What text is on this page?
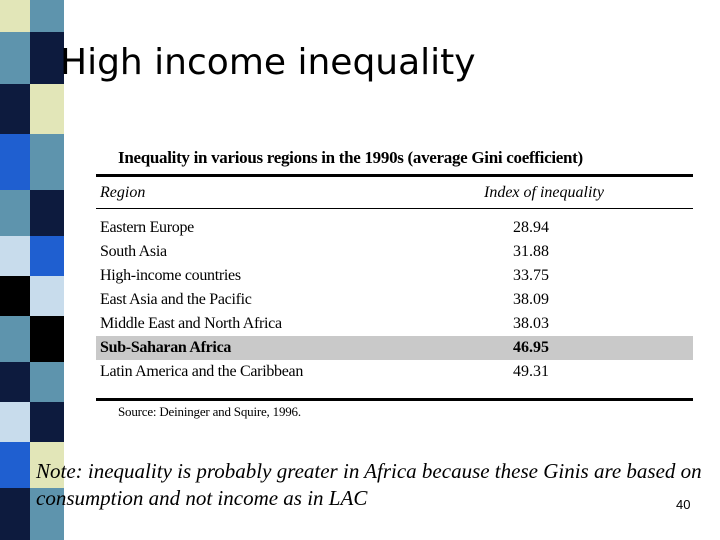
High income inequality
Inequality in various regions in the 1990s (average Gini coefficient)
Region	Index of inequality
Eastern Europe	28.94
South Asia	31.88
High-income countries	33.75
East Asia and the Pacific	38.09
Middle East and North Africa	38.03
Sub-Saharan Africa	46.95
Latin America and the Caribbean	49.31
Source: Deininger and Squire, 1996.

Note: inequality is probably greater in Africa because these Ginis are based on consumption and not income as in LAC	40
